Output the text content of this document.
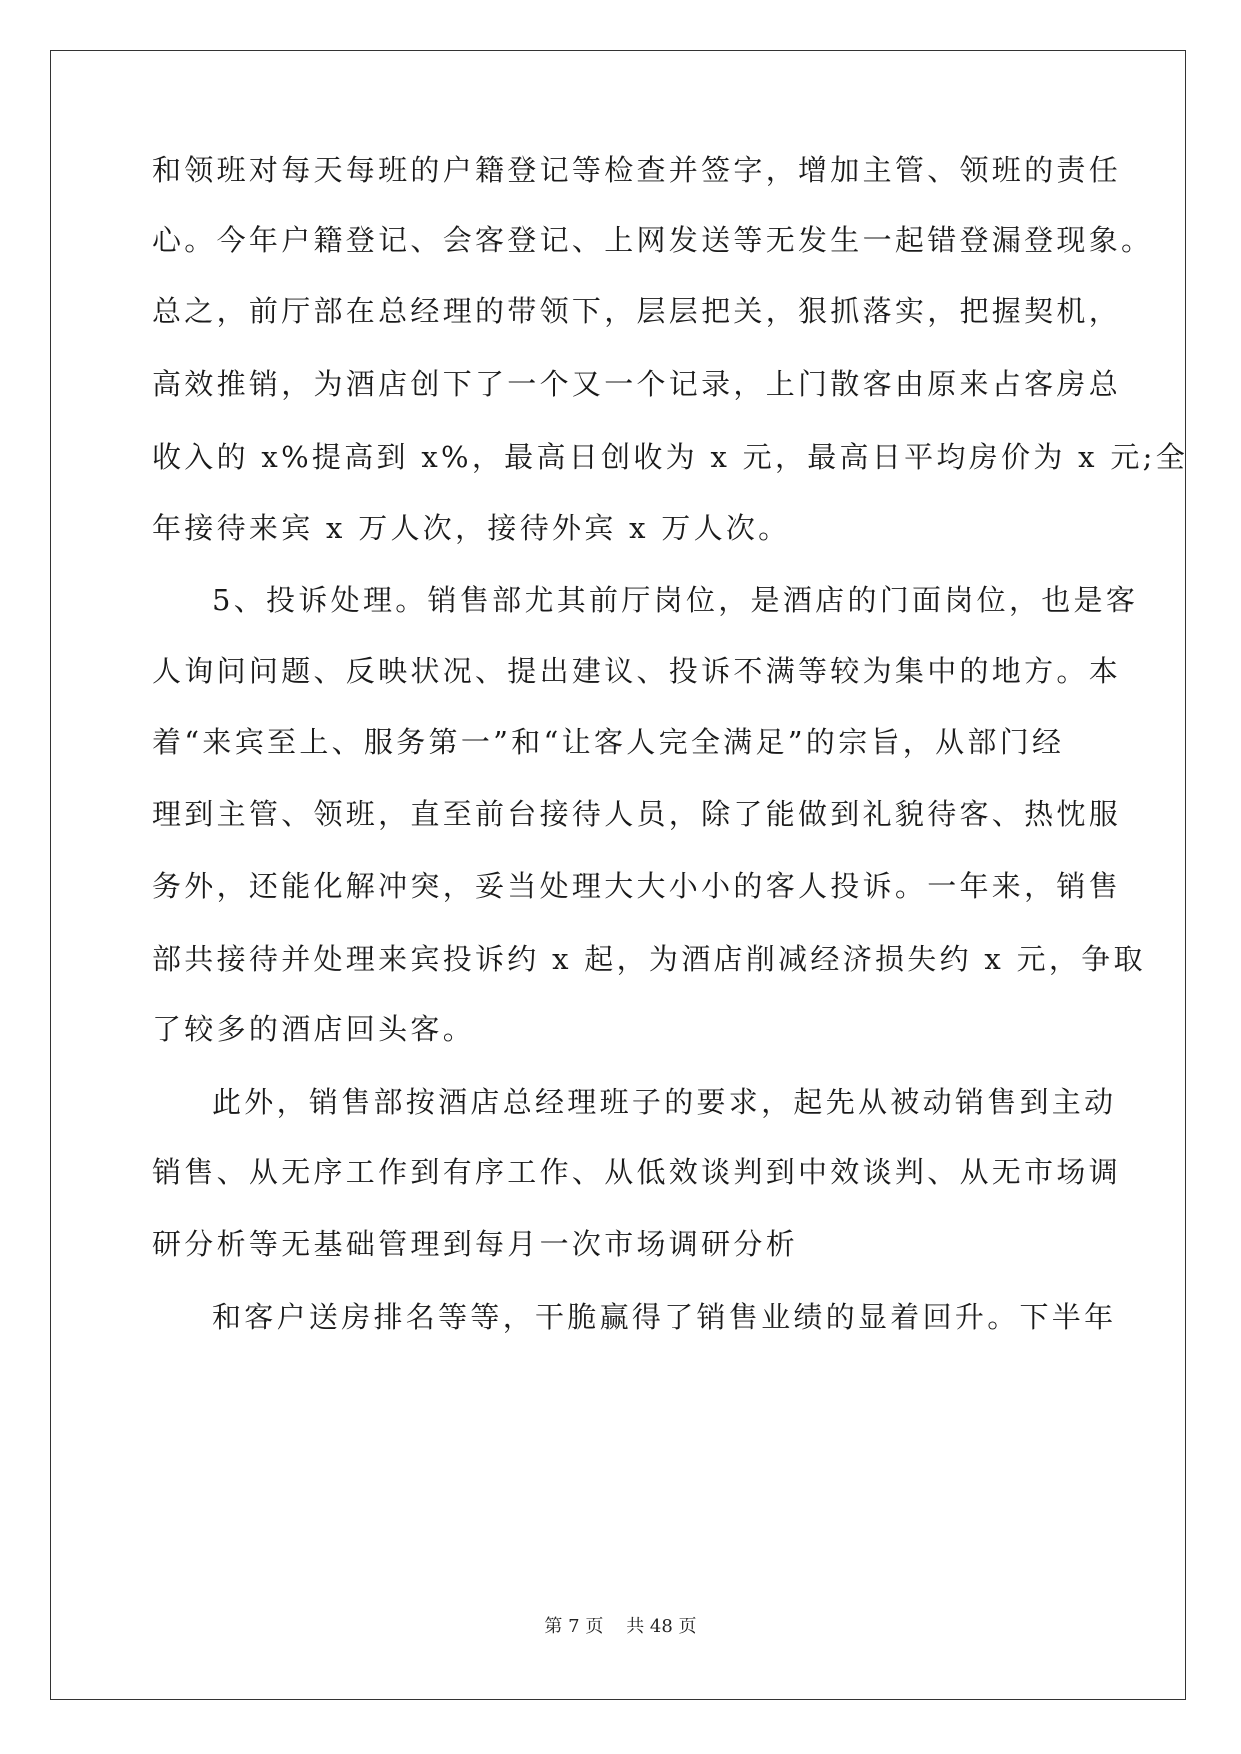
和领班对每天每班的户籍登记等检查并签字，增加主管、领班的责任
心。今年户籍登记、会客登记、上网发送等无发生一起错登漏登现象。
总之，前厅部在总经理的带领下，层层把关，狠抓落实，把握契机，
高效推销，为酒店创下了一个又一个记录，上门散客由原来占客房总
收入的 x%提高到 x%，最高日创收为 x 元，最高日平均房价为 x 元;全
年接待来宾 x 万人次，接待外宾 x 万人次。
5、投诉处理。销售部尤其前厅岗位，是酒店的门面岗位，也是客
人询问问题、反映状况、提出建议、投诉不满等较为集中的地方。本
着“来宾至上、服务第一”和“让客人完全满足”的宗旨，从部门经
理到主管、领班，直至前台接待人员，除了能做到礼貌待客、热忱服
务外，还能化解冲突，妥当处理大大小小的客人投诉。一年来，销售
部共接待并处理来宾投诉约 x 起，为酒店削减经济损失约 x 元，争取
了较多的酒店回头客。
此外，销售部按酒店总经理班子的要求，起先从被动销售到主动
销售、从无序工作到有序工作、从低效谈判到中效谈判、从无市场调
研分析等无基础管理到每月一次市场调研分析
和客户送房排名等等，干脆赢得了销售业绩的显着回升。下半年
第 7 页    共 48 页
